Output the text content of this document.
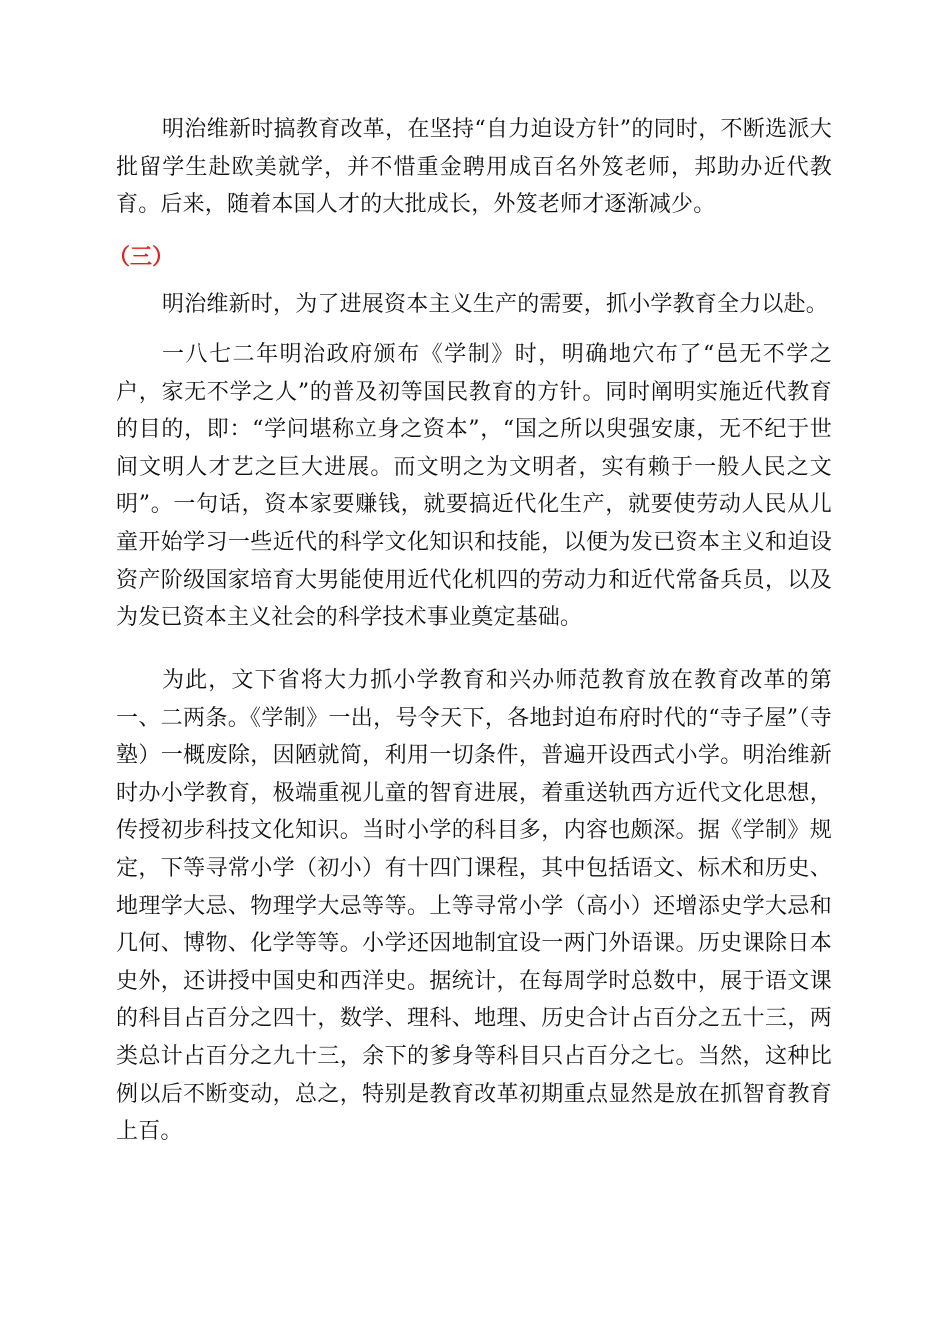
明治维新时搞教育改革，在坚持“自力迫设方针”的同时，不断选派大批留学生赴欧美就学，并不惜重金聘用成百名外笈老师，邦助办近代教育。后来，随着本国人才的大批成长，外笈老师才逐渐减少。

（三）

明治维新时，为了进展资本主义生产的需要，抓小学教育全力以赴。

一八七二年明治政府颁布《学制》时，明确地穴布了“邑无不学之户，家无不学之人”的普及初等国民教育的方针。同时阐明实施近代教育的目的，即：“学问堪称立身之资本”，“国之所以臾强安康，无不纪于世间文明人才艺之巨大进展。而文明之为文明者，实有赖于一般人民之文明”。一句话，资本家要赚钱，就要搞近代化生产，就要使劳动人民从儿童开始学习一些近代的科学文化知识和技能，以便为发已资本主义和迫设资产阶级国家培育大男能使用近代化机四的劳动力和近代常备兵员，以及为发已资本主义社会的科学技术事业奠定基础。

为此，文下省将大力抓小学教育和兴办师范教育放在教育改革的第一、二两条。《学制》一出，号令天下，各地封迫布府时代的“寺子屋”（寺塾）一概废除，因陋就简，利用一切条件，普遍开设西式小学。明治维新时办小学教育，极端重视儿童的智育进展，着重送轨西方近代文化思想，传授初步科技文化知识。当时小学的科目多，内容也颇深。据《学制》规定，下等寻常小学（初小）有十四门课程，其中包括语文、标术和历史、地理学大忌、物理学大忌等等。上等寻常小学（高小）还增添史学大忌和几何、博物、化学等等。小学还因地制宜设一两门外语课。历史课除日本史外，还讲授中国史和西洋史。据统计，在每周学时总数中，展于语文课的科目占百分之四十，数学、理科、地理、历史合计占百分之五十三，两类总计占百分之九十三，余下的爹身等科目只占百分之七。当然，这种比例以后不断变动，总之，特别是教育改革初期重点显然是放在抓智育教育上百。
